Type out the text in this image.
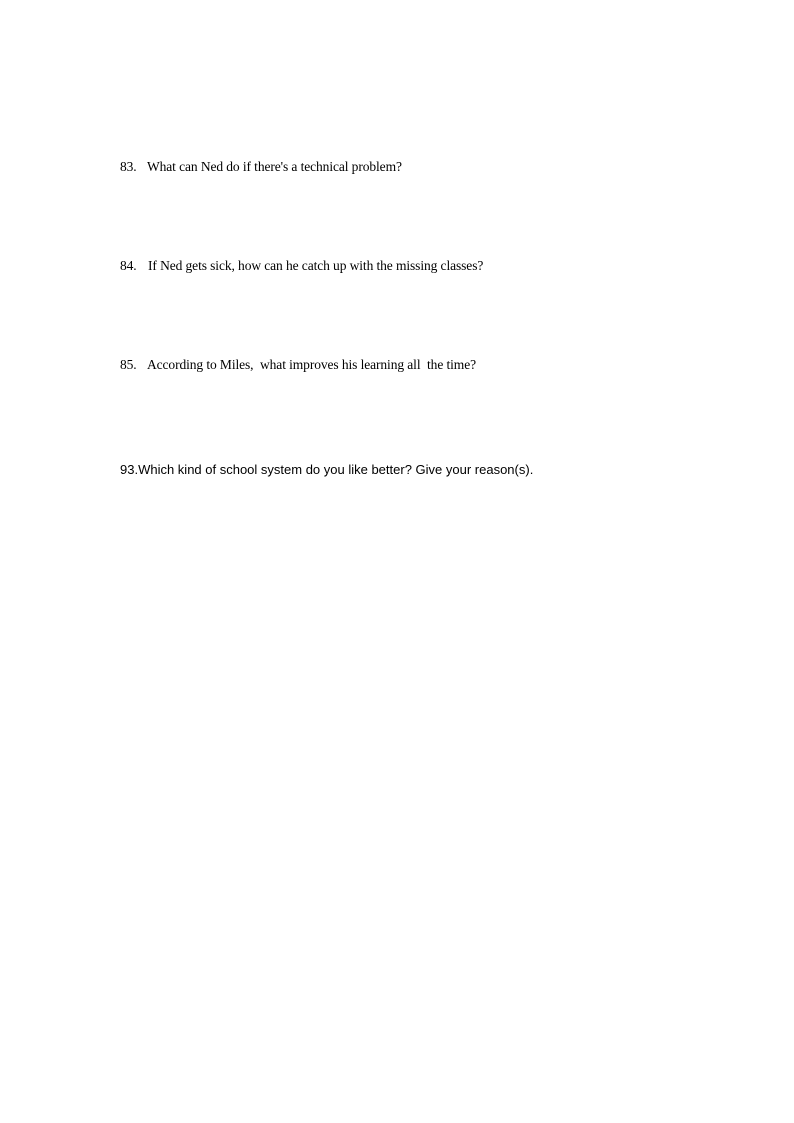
83. What can Ned do if there's a technical problem?
84. If Ned gets sick, how can he catch up with the missing classes?
85. According to Miles,  what improves his learning all  the time?
93.Which kind of school system do you like better? Give your reason(s).
